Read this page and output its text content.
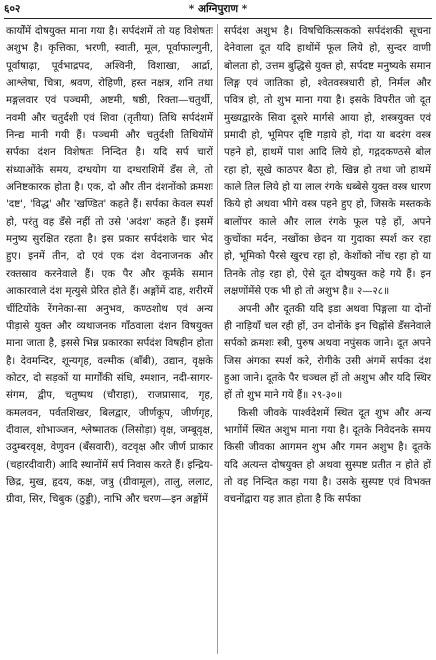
६०२	* अग्निपुराण *

कार्योंमें दोषयुक्त माना गया है। सर्पदंशमें तो यह विशेषतः अशुभ है। कृत्तिका, भरणी, स्वाती, मूल, पूर्वाफाल्गुनी, पूर्वाषाढ़ा, पूर्वभाद्रपद, अश्विनी, विशाखा, आर्द्रा, आश्लेषा, चित्रा, श्रवण, रोहिणी, हस्त नक्षत्र, शनि तथा मङ्गलवार एवं पञ्चमी, अष्टमी, षष्ठी, रिक्ता—चतुर्थी, नवमी और चतुर्दशी एवं शिवा (तृतीया) तिथि सर्पदंशमें निन्द्य मानी गयी हैं। पञ्चमी और चतुर्दशी तिथियोंमें सर्पका दंशन विशेषतः निन्दित है। यदि सर्प चारों संध्याओंके समय, दग्धयोग या दग्धराशिमें डँस ले, तो अनिष्टकारक होता है। एक, दो और तीन दंशनोंको क्रमशः 'दष्ट', 'विद्ध' और 'खण्डित' कहते हैं। सर्पका केवल स्पर्श हो, परंतु वह डँसे नहीं तो उसे 'अदंश' कहते हैं। इसमें मनुष्य सुरक्षित रहता है। इस प्रकार सर्पदंशके चार भेद हुए। इनमें तीन, दो एवं एक दंश वेदनाजनक और रक्तस्राव करनेवाले हैं। एक पैर और कूर्मके समान आकारवाले दंश मृत्युसे प्रेरित होते हैं। अङ्गोंमें दाह, शरीरमें चींटियोंके रेंगनेका-सा अनुभव, कण्ठशोथ एवं अन्य पीड़ासे युक्त और व्यथाजनक गाँठवाला दंशन विषयुक्त माना जाता है, इससे भिन्न प्रकारका सर्पदंश विषहीन होता है। देवमन्दिर, शून्यगृह, वल्मीक (बाँबी), उद्यान, वृक्षके कोटर, दो सड़कों या मार्गोंकी संधि, श्मशान, नदी-सागर-संगम, द्वीप, चतुष्पथ (चौराहा), राजप्रासाद, गृह, कमलवन, पर्वतशिखर, बिलद्वार, जीर्णकूप, जीर्णगृह, दीवाल, शोभाञ्जन, श्लेष्मातक (लिसोड़ा) वृक्ष, जम्बूवृक्ष, उदुम्बरवृक्ष, वेणुवन (बँसवारी), वटवृक्ष और जीर्ण प्राकार (चहारदीवारी) आदि स्थानोंमें सर्प निवास करते हैं। इन्द्रिय-छिद्र, मुख, हृदय, कक्ष, जत्रु (ग्रीवामूल), तालु, ललाट, ग्रीवा, सिर, चिबुक (ठुड्डी), नाभि और चरण—इन अङ्गोंमें

सर्पदंश अशुभ है। विषचिकित्सकको सर्पदंशकी सूचना देनेवाला दूत यदि हाथोंमें फूल लिये हो, सुन्दर वाणी बोलता हो, उत्तम बुद्धिसे युक्त हो, सर्पदष्ट मनुष्यके समान लिङ्ग एवं जातिका हो, श्वेतवस्त्रधारी हो, निर्मल और पवित्र हो, तो शुभ माना गया है। इसके विपरीत जो दूत मुख्यद्वारके सिवा दूसरे मार्गसे आया हो, शस्त्रयुक्त एवं प्रमादी हो, भूमिपर दृष्टि गड़ाये हो, गंदा या बदरंग वस्त्र पहने हो, हाथमें पाश आदि लिये हो, गद्गदकण्ठसे बोल रहा हो, सूखे काठपर बैठा हो, खिन्न हो तथा जो हाथमें काले तिल लिये हो या लाल रंगके धब्बेसे युक्त वस्त्र धारण किये हो अथवा भीगे वस्त्र पहने हुए हो, जिसके मस्तकके बालोंपर काले और लाल रंगके फूल पड़े हों, अपने कुचोंका मर्दन, नखोंका छेदन या गुदाका स्पर्श कर रहा हो, भूमिको पैरसे खुरच रहा हो, केशोंको नोंच रहा हो या तिनके तोड़ रहा हो, ऐसे दूत दोषयुक्त कहे गये हैं। इन लक्षणोंमेंसे एक भी हो तो अशुभ है॥ २—२८॥

अपनी और दूतकी यदि इडा अथवा पिङ्गला या दोनों ही नाड़ियाँ चल रही हों, उन दोनोंके इन चिह्नोंसे डँसनेवाले सर्पको क्रमशः स्त्री, पुरुष अथवा नपुंसक जाने। दूत अपने जिस अंगका स्पर्श करे, रोगीके उसी अंगमें सर्पका दंश हुआ जाने। दूतके पैर चञ्चल हों तो अशुभ और यदि स्थिर हों तो शुभ माने गये हैं॥ २९-३०॥

किसी जीवके पार्श्वदेशमें स्थित दूत शुभ और अन्य भागोंमें स्थित अशुभ माना गया है। दूतके निवेदनके समय किसी जीवका आगमन शुभ और गमन अशुभ है। दूतके यदि अत्यन्त दोषयुक्त हो अथवा सुस्पष्ट प्रतीत न होते हों तो वह निन्दित कहा गया है। उसके सुस्पष्ट एवं विभक्त वचनोंद्वारा यह ज्ञात होता है कि सर्पका
